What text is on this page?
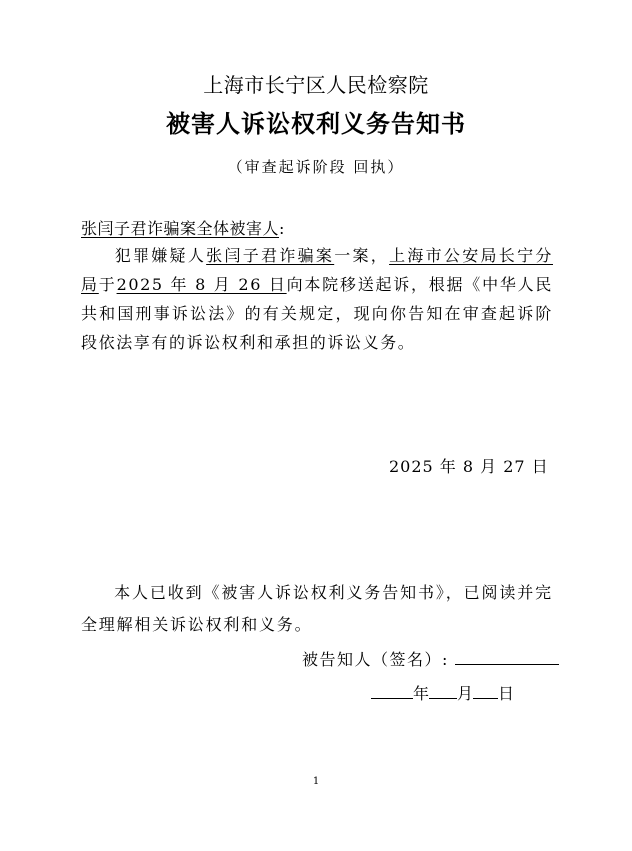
上海市长宁区人民检察院
被害人诉讼权利义务告知书
（审查起诉阶段 回执）
张闫子君诈骗案全体被害人:
犯罪嫌疑人张闫子君诈骗案一案，上海市公安局长宁分局于2025 年 8 月 26 日向本院移送起诉，根据《中华人民共和国刑事诉讼法》的有关规定，现向你告知在审查起诉阶段依法享有的诉讼权利和承担的诉讼义务。
2025 年 8 月 27 日
本人已收到《被害人诉讼权利义务告知书》，已阅读并完全理解相关诉讼权利和义务。
被告知人（签名）:
年 月 日
1
